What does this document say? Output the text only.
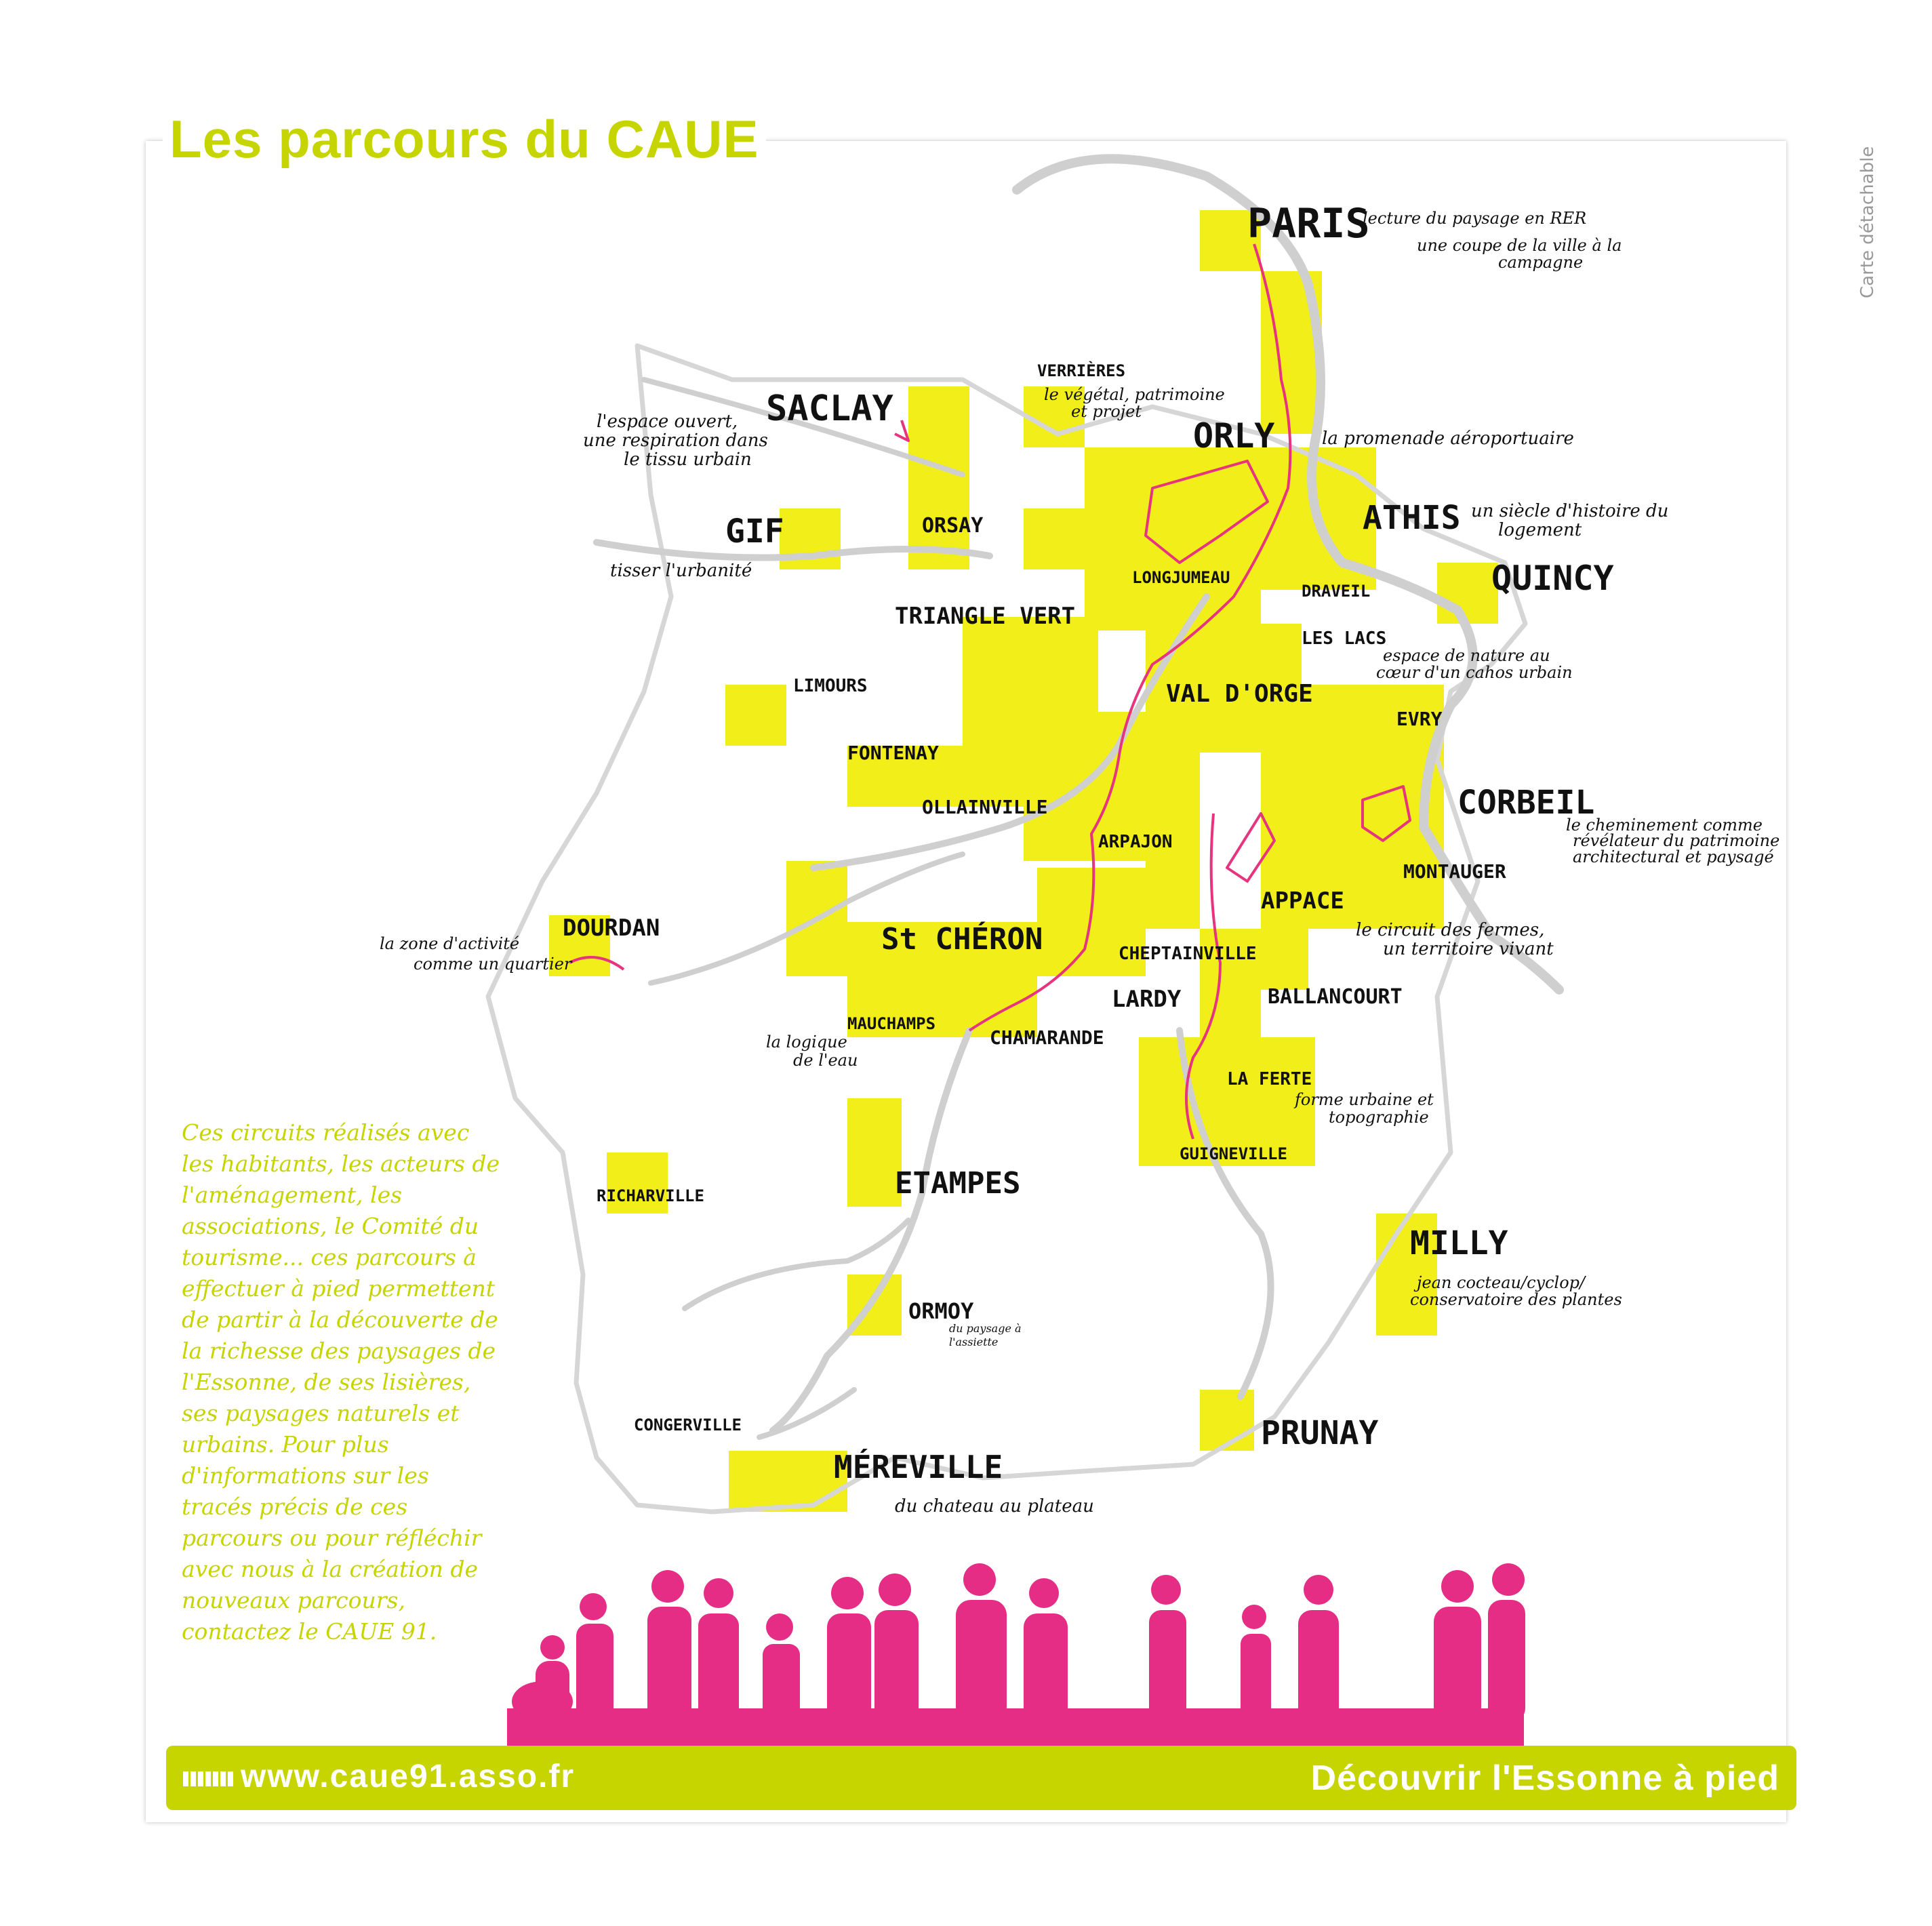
Les parcours du CAUE
Carte détachable
PARIS
lecture du paysage en RER
une coupe de la ville à la
campagne
VERRIÈRES
le végétal, patrimoine
et projet
SACLAY
l'espace ouvert,
une respiration dans
le tissu urbain
ORLY	la promenade aéroportuaire
ATHIS un siècle d'histoire du
logement
GIF
tisser l'urbanité
ORSAY
QUINCY
LONGJUMEAU
DRAVEIL
TRIANGLE VERT
LES LACS
espace de nature au
cœur d'un cahos urbain
LIMOURS	VAL D'ORGE
EVRY
FONTENAY
CORBEIL
le cheminement comme
révélateur du patrimoine
architectural et paysagé
OLLAINVILLE
ARPAJON
MONTAUGER
DOURDAN
la zone d'activité
comme un quartier
APPACE
le circuit des fermes,
un territoire vivant
St CHÉRON	CHEPTAINVILLE
LARDY	BALLANCOURT
MAUCHAMPS
la logique
de l'eau
CHAMARANDE
LA FERTE
forme urbaine et
topographie
GUIGNEVILLE
ETAMPES
RICHARVILLE
MILLY
jean cocteau/cyclop/
conservatoire des plantes
ORMOY
du paysage à
l'assiette
CONGERVILLE	PRUNAY
MÉREVILLE
du chateau au plateau
Ces circuits réalisés avec les habitants, les acteurs de l'aménagement, les associations, le Comité du tourisme... ces parcours à effectuer à pied permettent de partir à la découverte de la richesse des paysages de l'Essonne, de ses lisières, ses paysages naturels et urbains. Pour plus d'informations sur les tracés précis de ces parcours ou pour réfléchir avec nous à la création de nouveaux parcours, contactez le CAUE 91.
www.caue91.asso.fr	Découvrir l'Essonne à pied
